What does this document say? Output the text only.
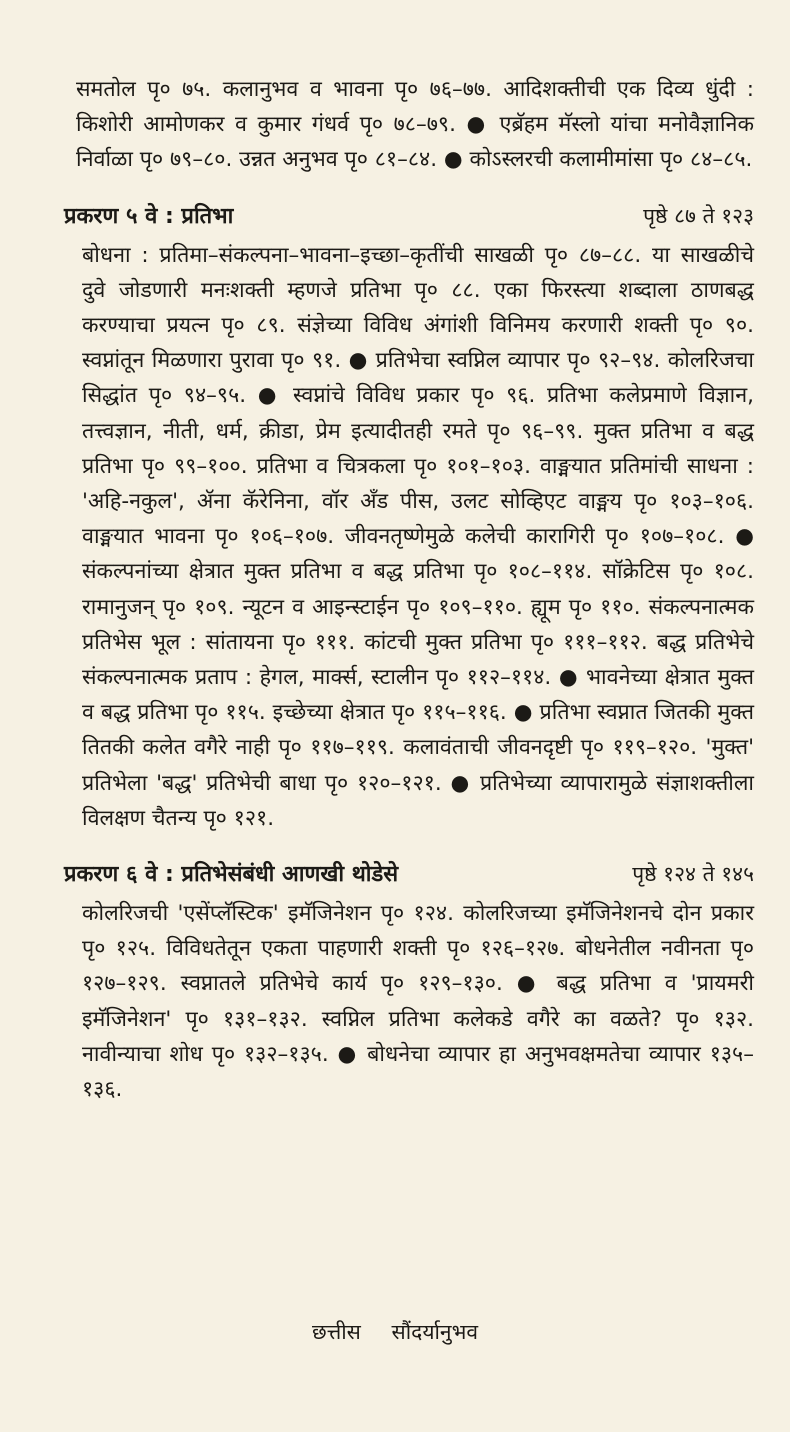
समतोल पृ० ७५. कलानुभव व भावना पृ० ७६–७७. आदिशक्तीची एक दिव्य धुंदी : किशोरी आमोणकर व कुमार गंधर्व पृ० ७८–७९. ● एब्रॅहम मॅस्लो यांचा मनोवैज्ञानिक निर्वाळा पृ० ७९–८०. उन्नत अनुभव पृ० ८१–८४. ● कोऽस्लरची कलामीमांसा पृ० ८४–८५.

प्रकरण ५ वे : प्रतिभा	पृष्ठे ८७ ते १२३

बोधना : प्रतिमा–संकल्पना–भावना–इच्छा–कृतींची साखळी पृ० ८७–८८. या साखळीचे दुवे जोडणारी मनःशक्ती म्हणजे प्रतिभा पृ० ८८. एका फिरस्त्या शब्दाला ठाणबद्ध करण्याचा प्रयत्न पृ० ८९. संज्ञेच्या विविध अंगांशी विनिमय करणारी शक्ती पृ० ९०. स्वप्नांतून मिळणारा पुरावा पृ० ९१. ● प्रतिभेचा स्वप्निल व्यापार पृ० ९२–९४. कोलरिजचा सिद्धांत पृ० ९४–९५. ● स्वप्नांचे विविध प्रकार पृ० ९६. प्रतिभा कलेप्रमाणे विज्ञान, तत्त्वज्ञान, नीती, धर्म, क्रीडा, प्रेम इत्यादीतही रमते पृ० ९६–९९. मुक्त प्रतिभा व बद्ध प्रतिभा पृ० ९९–१००. प्रतिभा व चित्रकला पृ० १०१–१०३. वाङ्मयात प्रतिमांची साधना : 'अहि-नकुल', ॲना कॅरेनिना, वॉर अँड पीस, उलट सोव्हिएट वाङ्मय पृ० १०३–१०६. वाङ्मयात भावना पृ० १०६–१०७. जीवनतृष्णेमुळे कलेची कारागिरी पृ० १०७–१०८. ● संकल्पनांच्या क्षेत्रात मुक्त प्रतिभा व बद्ध प्रतिभा पृ० १०८–११४. सॉक्रेटिस पृ० १०८. रामानुजन् पृ० १०९. न्यूटन व आइन्स्टाईन पृ० १०९–११०. ह्यूम पृ० ११०. संकल्पनात्मक प्रतिभेस भूल : सांतायना पृ० १११. कांटची मुक्त प्रतिभा पृ० १११–११२. बद्ध प्रतिभेचे संकल्पनात्मक प्रताप : हेगल, मार्क्स, स्टालीन पृ० ११२–११४. ● भावनेच्या क्षेत्रात मुक्त व बद्ध प्रतिभा पृ० ११५. इच्छेच्या क्षेत्रात पृ० ११५–११६. ● प्रतिभा स्वप्नात जितकी मुक्त तितकी कलेत वगैरे नाही पृ० ११७–११९. कलावंताची जीवनदृष्टी पृ० ११९–१२०. 'मुक्त' प्रतिभेला 'बद्ध' प्रतिभेची बाधा पृ० १२०–१२१. ● प्रतिभेच्या व्यापारामुळे संज्ञाशक्तीला विलक्षण चैतन्य पृ० १२१.

प्रकरण ६ वे : प्रतिभेसंबंधी आणखी थोडेसे	पृष्ठे १२४ ते १४५

कोलरिजची 'एसेंप्लॅस्टिक' इमॅजिनेशन पृ० १२४. कोलरिजच्या इमॅजिनेशनचे दोन प्रकार पृ० १२५. विविधतेतून एकता पाहणारी शक्ती पृ० १२६–१२७. बोधनेतील नवीनता पृ० १२७–१२९. स्वप्नातले प्रतिभेचे कार्य पृ० १२९–१३०. ● बद्ध प्रतिभा व 'प्रायमरी इमॅजिनेशन' पृ० १३१–१३२. स्वप्निल प्रतिभा कलेकडे वगैरे का वळते? पृ० १३२. नावीन्याचा शोध पृ० १३२–१३५. ● बोधनेचा व्यापार हा अनुभवक्षमतेचा व्यापार १३५–१३६.

छत्तीस सौंदर्यानुभव
